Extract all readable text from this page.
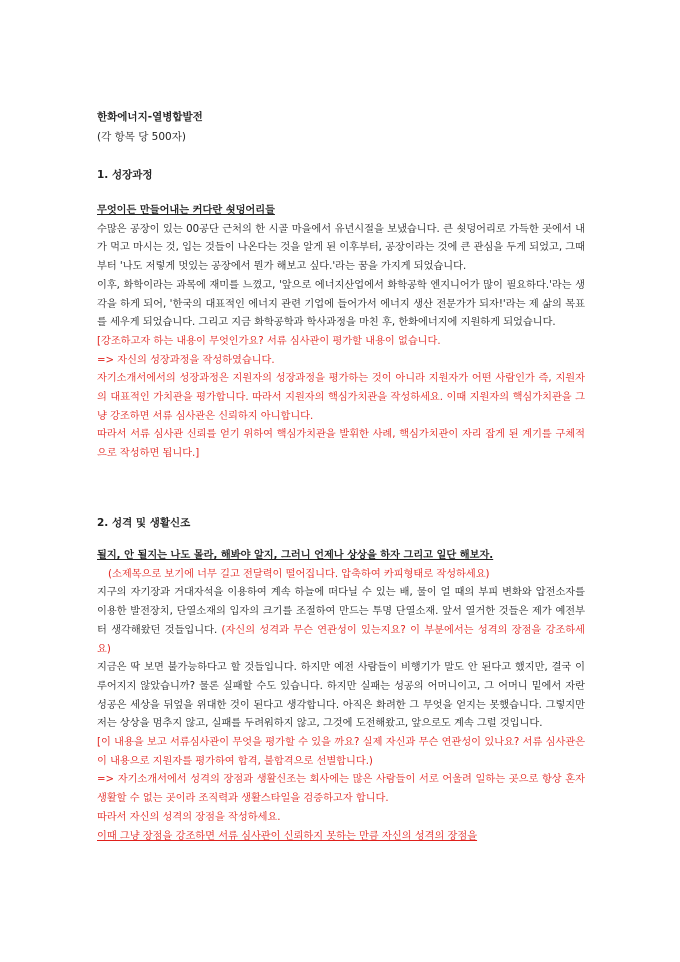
한화에너지-열병합발전
(각 항목 당 500자)
1. 성장과정
무엇이든 만들어내는 커다란 쇳덩어리들
수많은 공장이 있는 00공단 근처의 한 시골 마을에서 유년시절을 보냈습니다. 큰 쇳덩어리로 가득한 곳에서 내가 먹고 마시는 것, 입는 것들이 나온다는 것을 알게 된 이후부터, 공장이라는 것에 큰 관심을 두게 되었고, 그때부터 '나도 저렇게 멋있는 공장에서 뭔가 해보고 싶다.'라는 꿈을 가지게 되었습니다.
이후, 화학이라는 과목에 재미를 느꼈고, '앞으로 에너지산업에서 화학공학 엔지니어가 많이 필요하다.'라는 생각을 하게 되어, '한국의 대표적인 에너지 관련 기업에 들어가서 에너지 생산 전문가가 되자!'라는 제 삶의 목표를 세우게 되었습니다. 그리고 지금 화학공학과 학사과정을 마친 후, 한화에너지에 지원하게 되었습니다.
[강조하고자 하는 내용이 무엇인가요? 서류 심사관이 평가할 내용이 없습니다.
=> 자신의 성장과정을 작성하였습니다.
자기소개서에서의 성장과정은 지원자의 성장과정을 평가하는 것이 아니라 지원자가 어떤 사람인가 즉, 지원자의 대표적인 가치관을 평가합니다. 따라서 지원자의 핵심가치관을 작성하세요. 이때 지원자의 핵심가치관을 그냥 강조하면 서류 심사관은 신뢰하지 아니합니다.
따라서 서류 심사관 신뢰를 얻기 위하여 핵심가치관을 발휘한 사례, 핵심가치관이 자리 잡게 된 계기를 구체적으로 작성하면 됩니다.]
2. 성격 및 생활신조
될지, 안 될지는 나도 몰라, 해봐야 알지, 그러니 언제나 상상을 하자 그리고 일단 해보자.
(소제목으로 보기에 너무 길고 전달력이 떨어집니다. 압축하여 카피형태로 작성하세요)
지구의 자기장과 거대자석을 이용하여 계속 하늘에 떠다닐 수 있는 배, 물이 얼 때의 부피 변화와 압전소자를 이용한 발전장치, 단열소재의 입자의 크기를 조절하여 만드는 투명 단열소재. 앞서 열거한 것들은 제가 예전부터 생각해왔던 것들입니다. (자신의 성격과 무슨 연관성이 있는지요? 이 부분에서는 성격의 장점을 강조하세요)
지금은 딱 보면 불가능하다고 할 것들입니다. 하지만 예전 사람들이 비행기가 말도 안 된다고 했지만, 결국 이루어지지 않았습니까? 물론 실패할 수도 있습니다. 하지만 실패는 성공의 어머니이고, 그 어머니 밑에서 자란 성공은 세상을 뒤엎을 위대한 것이 된다고 생각합니다. 아직은 화려한 그 무엇을 얻지는 못했습니다. 그렇지만 저는 상상을 멈추지 않고, 실패를 두려워하지 않고, 그것에 도전해왔고, 앞으로도 계속 그럴 것입니다.
[이 내용을 보고 서류심사관이 무엇을 평가할 수 있을 까요? 실제 자신과 무슨 연관성이 있나요? 서류 심사관은 이 내용으로 지원자를 평가하여 합격, 불합격으로 선별합니다.)
=> 자기소개서에서 성격의 장점과 생활신조는 회사에는 많은 사람들이 서로 어울려 일하는 곳으로 항상 혼자 생활할 수 없는 곳이라 조직력과 생활스타일을 검증하고자 합니다.
따라서 자신의 성격의 장점을 작성하세요.
이때 그냥 장점을 강조하면 서류 심사관이 신뢰하지 못하는 만큼 자신의 성격의 장점을
